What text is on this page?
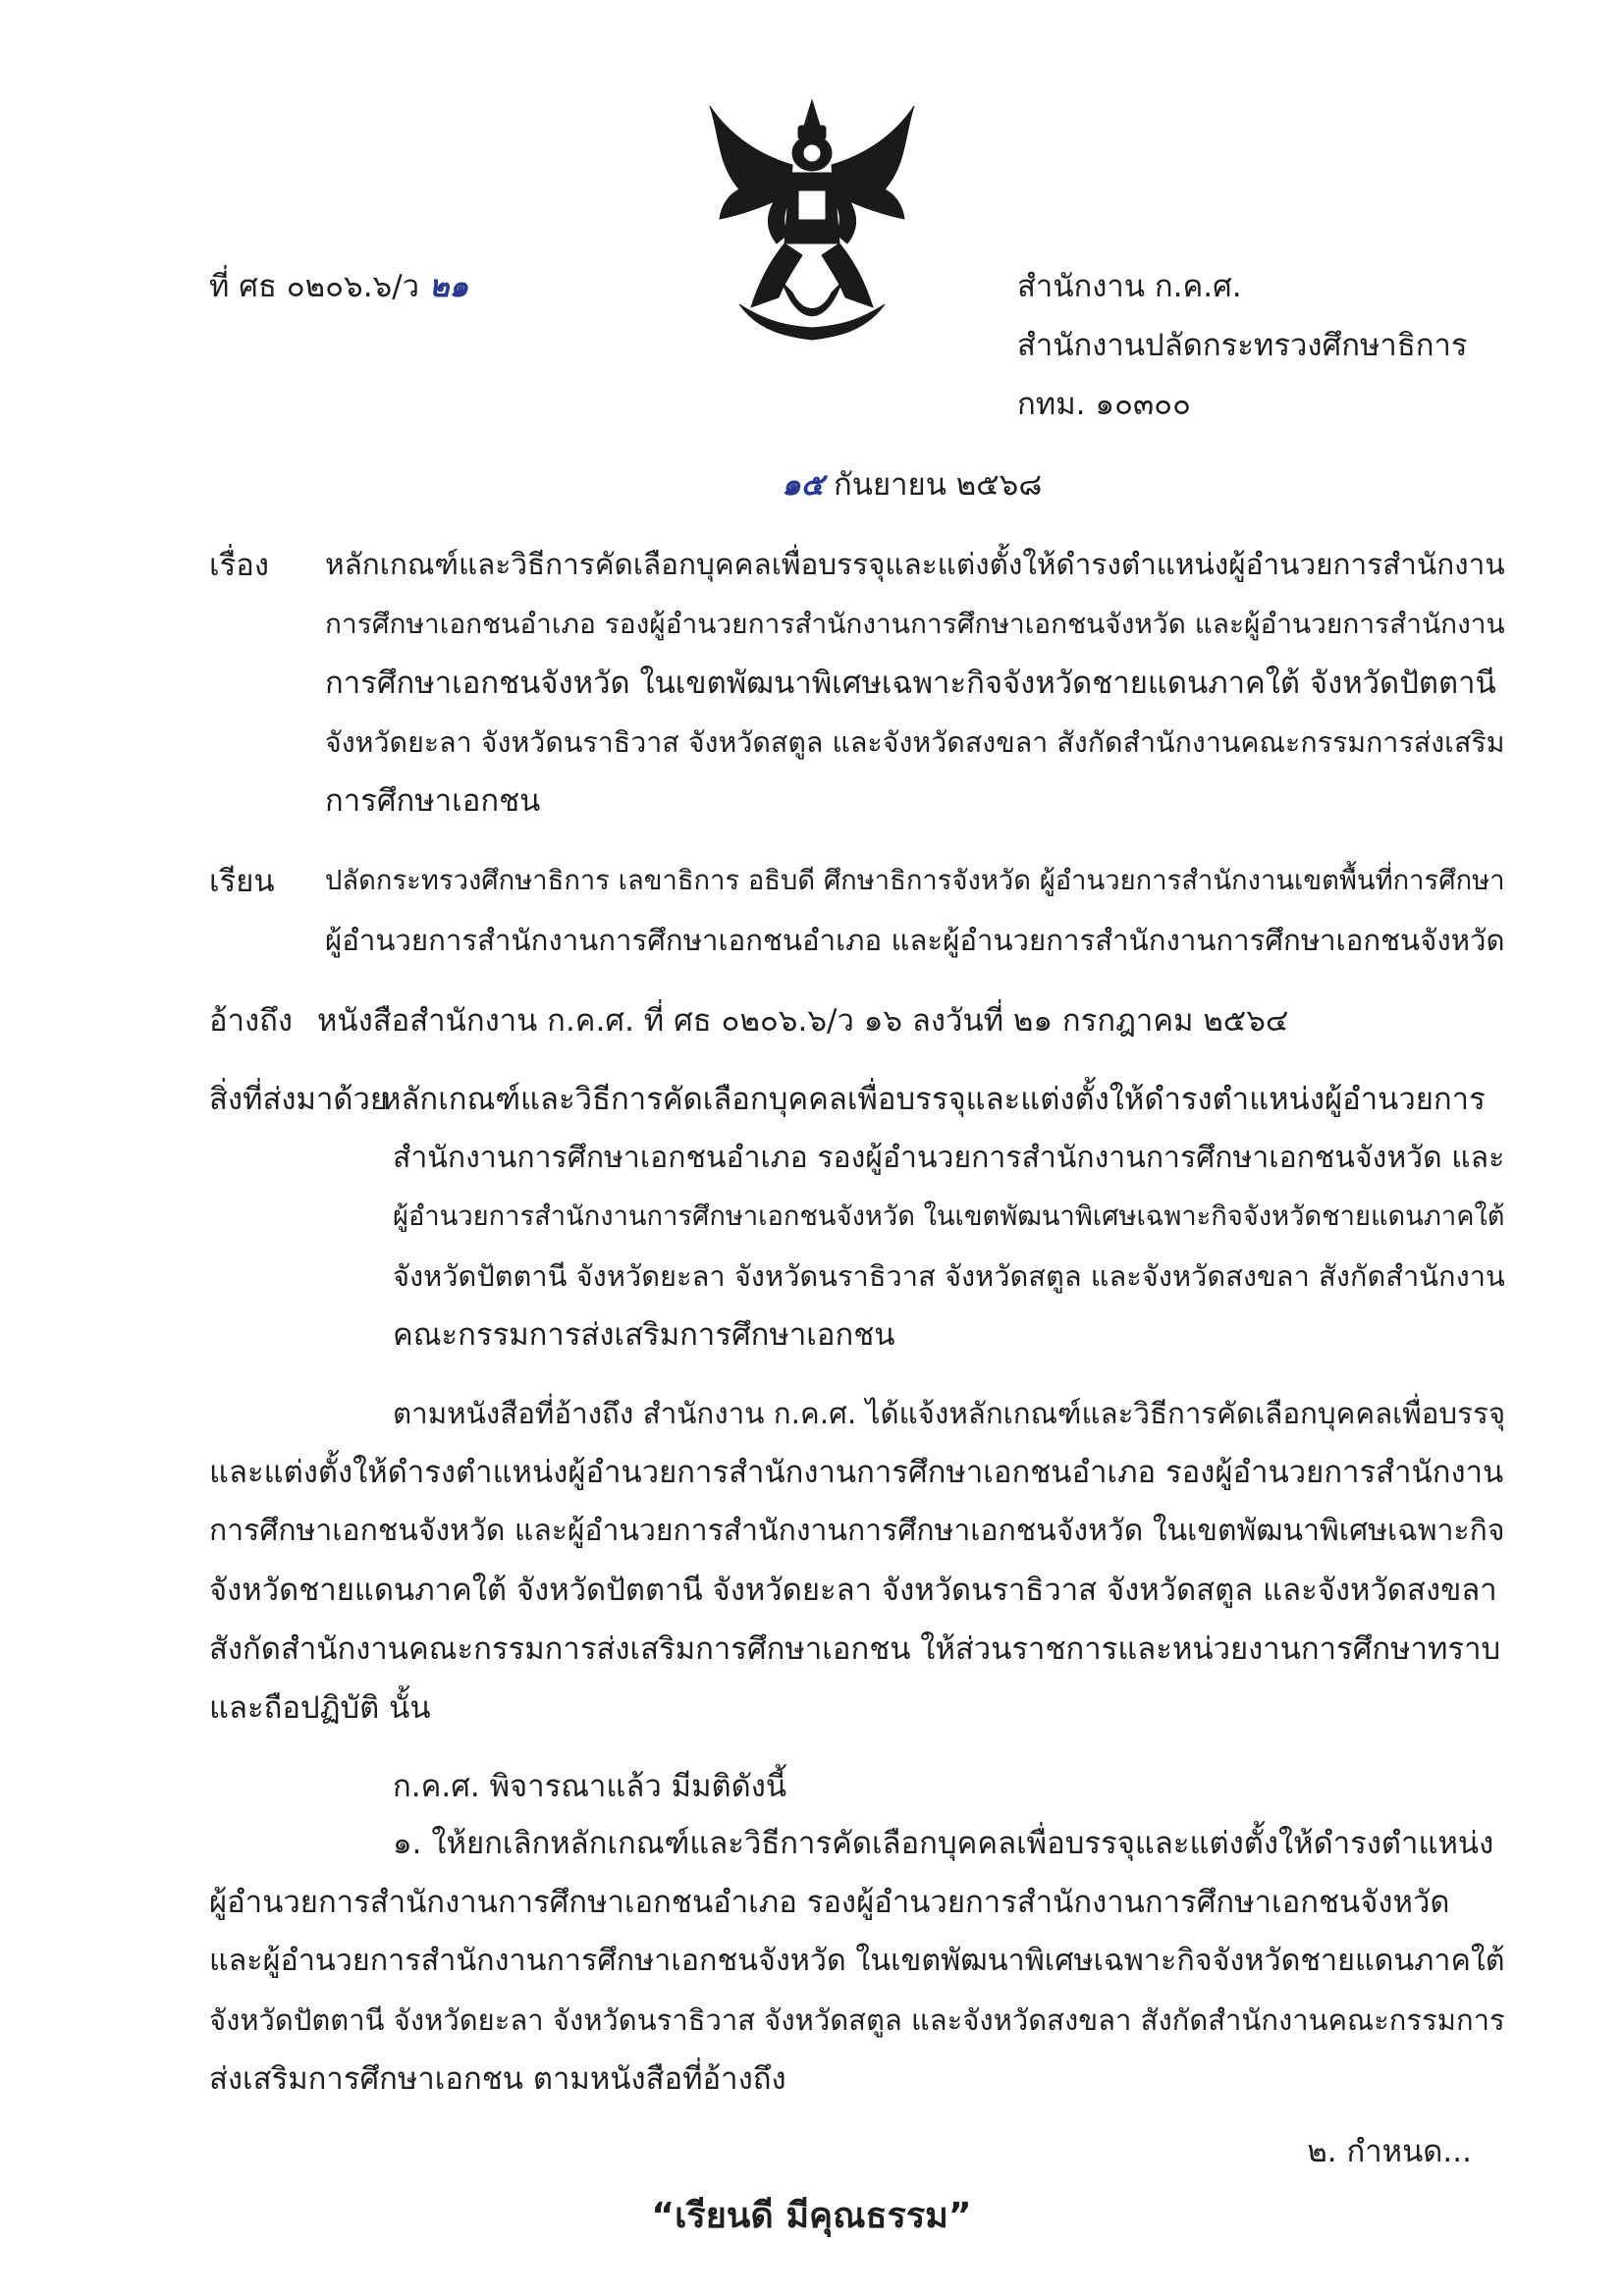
ที่ ศธ ๐๒๐๖.๖/ว ๒๑	สำนักงาน ก.ค.ศ.
สำนักงานปลัดกระทรวงศึกษาธิการ
กทม. ๑๐๓๐๐
๑๕ กันยายน ๒๕๖๘
เรื่อง หลักเกณฑ์และวิธีการคัดเลือกบุคคลเพื่อบรรจุและแต่งตั้งให้ดำรงตำแหน่งผู้อำนวยการสำนักงาน
การศึกษาเอกชนอำเภอ รองผู้อำนวยการสำนักงานการศึกษาเอกชนจังหวัด และผู้อำนวยการสำนักงาน
การศึกษาเอกชนจังหวัด ในเขตพัฒนาพิเศษเฉพาะกิจจังหวัดชายแดนภาคใต้ จังหวัดปัตตานี
จังหวัดยะลา จังหวัดนราธิวาส จังหวัดสตูล และจังหวัดสงขลา สังกัดสำนักงานคณะกรรมการส่งเสริม
การศึกษาเอกชน
เรียน ปลัดกระทรวงศึกษาธิการ เลขาธิการ อธิบดี ศึกษาธิการจังหวัด ผู้อำนวยการสำนักงานเขตพื้นที่การศึกษา
ผู้อำนวยการสำนักงานการศึกษาเอกชนอำเภอ และผู้อำนวยการสำนักงานการศึกษาเอกชนจังหวัด
อ้างถึง หนังสือสำนักงาน ก.ค.ศ. ที่ ศธ ๐๒๐๖.๖/ว ๑๖ ลงวันที่ ๒๑ กรกฎาคม ๒๕๖๔
สิ่งที่ส่งมาด้วย
หลักเกณฑ์และวิธีการคัดเลือกบุคคลเพื่อบรรจุและแต่งตั้งให้ดำรงตำแหน่งผู้อำนวยการ
สำนักงานการศึกษาเอกชนอำเภอ รองผู้อำนวยการสำนักงานการศึกษาเอกชนจังหวัด และ
ผู้อำนวยการสำนักงานการศึกษาเอกชนจังหวัด ในเขตพัฒนาพิเศษเฉพาะกิจจังหวัดชายแดนภาคใต้
จังหวัดปัตตานี จังหวัดยะลา จังหวัดนราธิวาส จังหวัดสตูล และจังหวัดสงขลา สังกัดสำนักงาน
คณะกรรมการส่งเสริมการศึกษาเอกชน
ตามหนังสือที่อ้างถึง สำนักงาน ก.ค.ศ. ได้แจ้งหลักเกณฑ์และวิธีการคัดเลือกบุคคลเพื่อบรรจุ
และแต่งตั้งให้ดำรงตำแหน่งผู้อำนวยการสำนักงานการศึกษาเอกชนอำเภอ รองผู้อำนวยการสำนักงาน
การศึกษาเอกชนจังหวัด และผู้อำนวยการสำนักงานการศึกษาเอกชนจังหวัด ในเขตพัฒนาพิเศษเฉพาะกิจ
จังหวัดชายแดนภาคใต้ จังหวัดปัตตานี จังหวัดยะลา จังหวัดนราธิวาส จังหวัดสตูล และจังหวัดสงขลา
สังกัดสำนักงานคณะกรรมการส่งเสริมการศึกษาเอกชน ให้ส่วนราชการและหน่วยงานการศึกษาทราบ
และถือปฏิบัติ นั้น
ก.ค.ศ. พิจารณาแล้ว มีมติดังนี้
๑. ให้ยกเลิกหลักเกณฑ์และวิธีการคัดเลือกบุคคลเพื่อบรรจุและแต่งตั้งให้ดำรงตำแหน่ง
ผู้อำนวยการสำนักงานการศึกษาเอกชนอำเภอ รองผู้อำนวยการสำนักงานการศึกษาเอกชนจังหวัด
และผู้อำนวยการสำนักงานการศึกษาเอกชนจังหวัด ในเขตพัฒนาพิเศษเฉพาะกิจจังหวัดชายแดนภาคใต้
จังหวัดปัตตานี จังหวัดยะลา จังหวัดนราธิวาส จังหวัดสตูล และจังหวัดสงขลา สังกัดสำนักงานคณะกรรมการ
ส่งเสริมการศึกษาเอกชน ตามหนังสือที่อ้างถึง
๒. กำหนด...
“เรียนดี มีคุณธรรม”
